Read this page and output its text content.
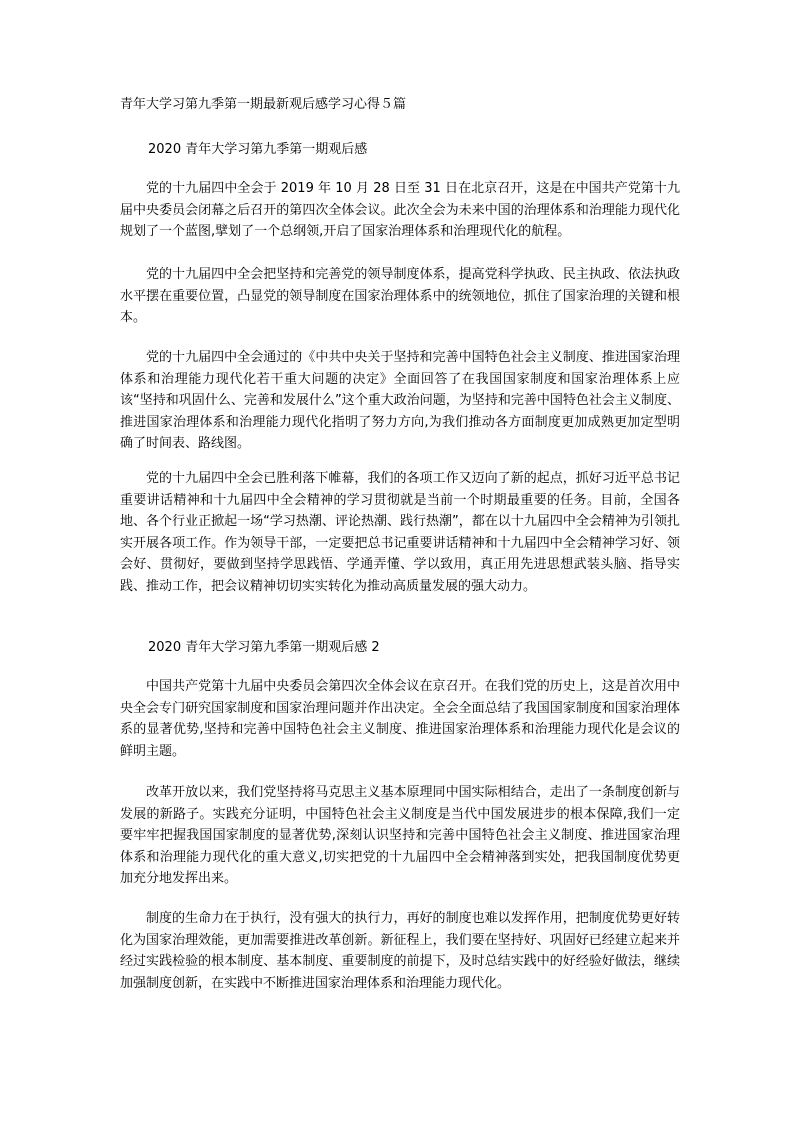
青年大学习第九季第一期最新观后感学习心得５篇
2020 青年大学习第九季第一期观后感

党的十九届四中全会于 2019 年 10 月 28 日至 31 日在北京召开，这是在中国共产党第十九届中央委员会闭幕之后召开的第四次全体会议。此次全会为未来中国的治理体系和治理能力现代化规划了一个蓝图,擘划了一个总纲领,开启了国家治理体系和治理现代化的航程。

党的十九届四中全会把坚持和完善党的领导制度体系，提高党科学执政、民主执政、依法执政水平摆在重要位置，凸显党的领导制度在国家治理体系中的统领地位，抓住了国家治理的关键和根本。

党的十九届四中全会通过的《中共中央关于坚持和完善中国特色社会主义制度、推进国家治理体系和治理能力现代化若干重大问题的决定》全面回答了在我国国家制度和国家治理体系上应该“坚持和巩固什么、完善和发展什么”这个重大政治问题，为坚持和完善中国特色社会主义制度、推进国家治理体系和治理能力现代化指明了努力方向,为我们推动各方面制度更加成熟更加定型明确了时间表、路线图。

党的十九届四中全会已胜利落下帷幕，我们的各项工作又迈向了新的起点，抓好习近平总书记重要讲话精神和十九届四中全会精神的学习贯彻就是当前一个时期最重要的任务。目前，全国各地、各个行业正掀起一场“学习热潮、评论热潮、践行热潮”，都在以十九届四中全会精神为引领扎实开展各项工作。作为领导干部，一定要把总书记重要讲话精神和十九届四中全会精神学习好、领会好、贯彻好，要做到坚持学思践悟、学通弄懂、学以致用，真正用先进思想武装头脑、指导实践、推动工作，把会议精神切切实实转化为推动高质量发展的强大动力。

2020 青年大学习第九季第一期观后感 2

中国共产党第十九届中央委员会第四次全体会议在京召开。在我们党的历史上，这是首次用中央全会专门研究国家制度和国家治理问题并作出决定。全会全面总结了我国国家制度和国家治理体系的显著优势,坚持和完善中国特色社会主义制度、推进国家治理体系和治理能力现代化是会议的鲜明主题。

改革开放以来，我们党坚持将马克思主义基本原理同中国实际相结合，走出了一条制度创新与发展的新路子。实践充分证明，中国特色社会主义制度是当代中国发展进步的根本保障,我们一定要牢牢把握我国国家制度的显著优势,深刻认识坚持和完善中国特色社会主义制度、推进国家治理体系和治理能力现代化的重大意义,切实把党的十九届四中全会精神落到实处，把我国制度优势更加充分地发挥出来。

制度的生命力在于执行，没有强大的执行力，再好的制度也难以发挥作用，把制度优势更好转化为国家治理效能，更加需要推进改革创新。新征程上，我们要在坚持好、巩固好已经建立起来并经过实践检验的根本制度、基本制度、重要制度的前提下，及时总结实践中的好经验好做法，继续加强制度创新，在实践中不断推进国家治理体系和治理能力现代化。
